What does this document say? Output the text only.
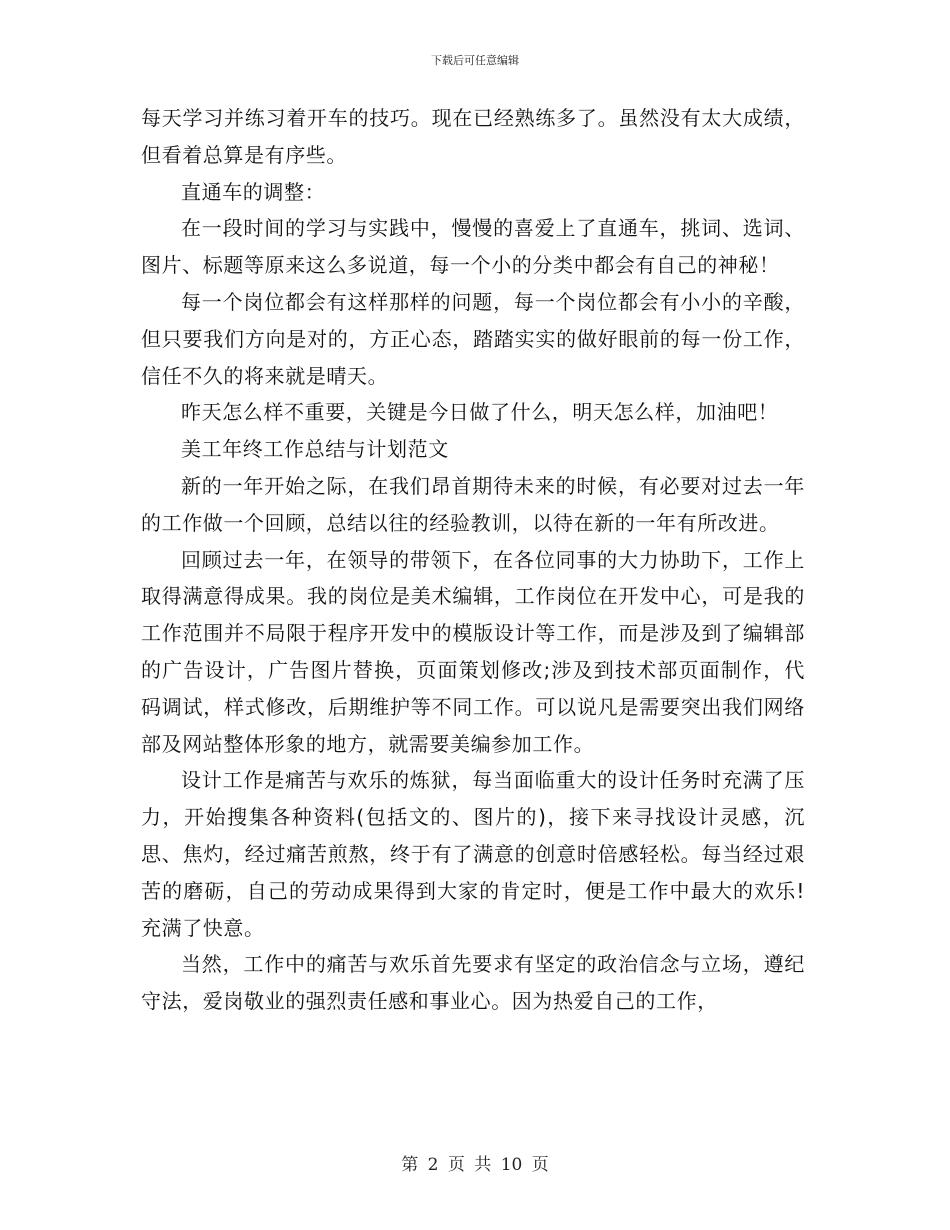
下载后可任意编辑

每天学习并练习着开车的技巧。现在已经熟练多了。虽然没有太大成绩，但看着总算是有序些。

直通车的调整：

在一段时间的学习与实践中，慢慢的喜爱上了直通车，挑词、选词、图片、标题等原来这么多说道，每一个小的分类中都会有自己的神秘！

每一个岗位都会有这样那样的问题，每一个岗位都会有小小的辛酸，但只要我们方向是对的，方正心态，踏踏实实的做好眼前的每一份工作，信任不久的将来就是晴天。

昨天怎么样不重要，关键是今日做了什么，明天怎么样，加油吧！

美工年终工作总结与计划范文

新的一年开始之际，在我们昂首期待未来的时候，有必要对过去一年的工作做一个回顾，总结以往的经验教训，以待在新的一年有所改进。

回顾过去一年，在领导的带领下，在各位同事的大力协助下，工作上取得满意得成果。我的岗位是美术编辑，工作岗位在开发中心，可是我的工作范围并不局限于程序开发中的模版设计等工作，而是涉及到了编辑部的广告设计，广告图片替换，页面策划修改;涉及到技术部页面制作，代码调试，样式修改，后期维护等不同工作。可以说凡是需要突出我们网络部及网站整体形象的地方，就需要美编参加工作。

设计工作是痛苦与欢乐的炼狱，每当面临重大的设计任务时充满了压力，开始搜集各种资料(包括文的、图片的)，接下来寻找设计灵感，沉思、焦灼，经过痛苦煎熬，终于有了满意的创意时倍感轻松。每当经过艰苦的磨砺，自己的劳动成果得到大家的肯定时，便是工作中最大的欢乐!充满了快意。

当然，工作中的痛苦与欢乐首先要求有坚定的政治信念与立场，遵纪守法，爱岗敬业的强烈责任感和事业心。因为热爱自己的工作，

第 2 页 共 10 页
